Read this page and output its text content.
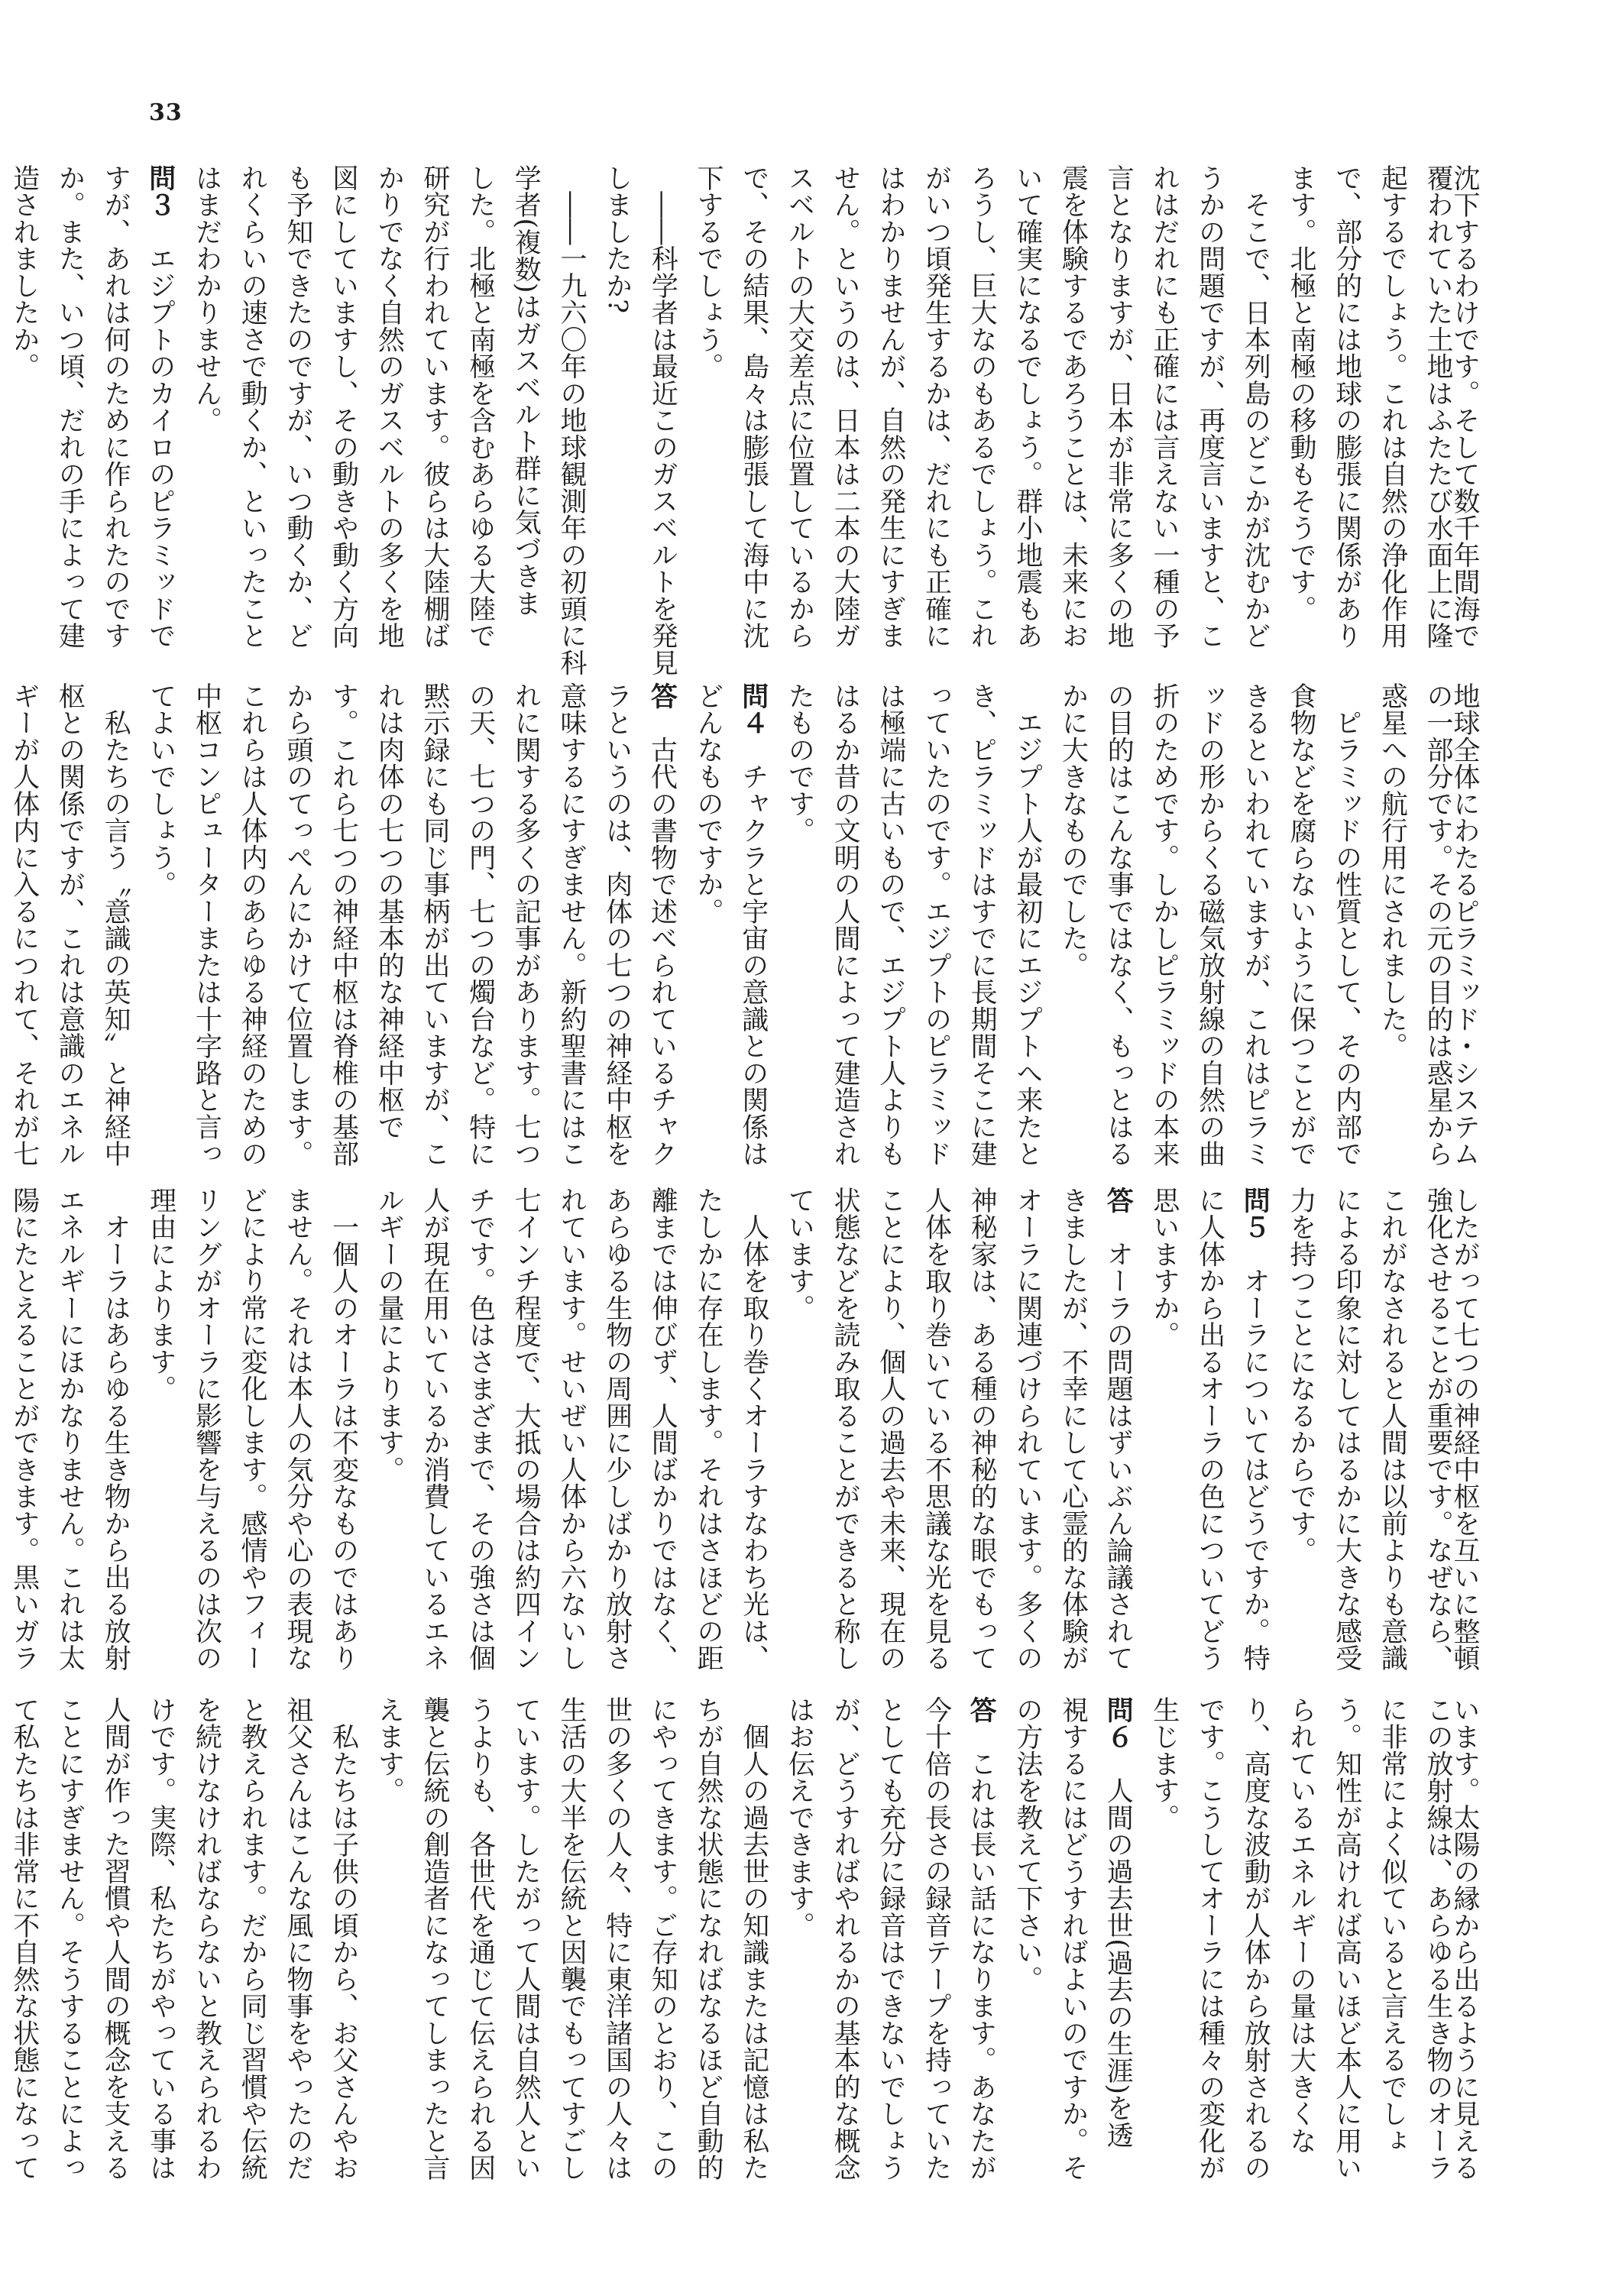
33
沈下するわけです。そして数千年間海で
覆われていた土地はふたたび水面上に隆
起するでしょう。これは自然の浄化作用
で、部分的には地球の膨張に関係があり
ます。北極と南極の移動もそうです。
　そこで、日本列島のどこかが沈むかど
うかの問題ですが、再度言いますと、こ
れはだれにも正確には言えない一種の予
言となりますが、日本が非常に多くの地
震を体験するであろうことは、未来にお
いて確実になるでしょう。群小地震もあ
ろうし、巨大なのもあるでしょう。これ
がいつ頃発生するかは、だれにも正確に
はわかりませんが、自然の発生にすぎま
せん。というのは、日本は二本の大陸ガ
スベルトの大交差点に位置しているから
で、その結果、島々は膨張して海中に沈
下するでしょう。
　――科学者は最近このガスベルトを発見
しましたか?
　――一九六〇年の地球観測年の初頭に科
学者(複数)はガスベルト群に気づきま
した。北極と南極を含むあらゆる大陸で
研究が行われています。彼らは大陸棚ば
かりでなく自然のガスベルトの多くを地
図にしていますし、その動きや動く方向
も予知できたのですが、いつ動くか、ど
れくらいの速さで動くか、といったこと
はまだわかりません。
問３　エジプトのカイロのピラミッドで
すが、あれは何のために作られたのです
か。また、いつ頃、だれの手によって建
造されましたか。
地球全体にわたるピラミッド・システム
の一部分です。その元の目的は惑星から
惑星への航行用にされました。
　ピラミッドの性質として、その内部で
食物などを腐らないように保つことがで
きるといわれていますが、これはピラミ
ッドの形からくる磁気放射線の自然の曲
折のためです。しかしピラミッドの本来
の目的はこんな事ではなく、もっとはる
かに大きなものでした。
　エジプト人が最初にエジプトへ来たと
き、ピラミッドはすでに長期間そこに建
っていたのです。エジプトのピラミッド
は極端に古いもので、エジプト人よりも
はるか昔の文明の人間によって建造され
たものです。
問４　チャクラと宇宙の意識との関係は
どんなものですか。
答　古代の書物で述べられているチャク
ラというのは、肉体の七つの神経中枢を
意味するにすぎません。新約聖書にはこ
れに関する多くの記事があります。七つ
の天、七つの門、七つの燭台など。特に
黙示録にも同じ事柄が出ていますが、こ
れは肉体の七つの基本的な神経中枢で
す。これら七つの神経中枢は脊椎の基部
から頭のてっぺんにかけて位置します。
これらは人体内のあらゆる神経のための
中枢コンピューターまたは十字路と言っ
てよいでしょう。
　私たちの言う〝意識の英知〟と神経中
枢との関係ですが、これは意識のエネル
ギーが人体内に入るにつれて、それが七
したがって七つの神経中枢を互いに整頓
強化させることが重要です。なぜなら、
これがなされると人間は以前よりも意識
による印象に対してはるかに大きな感受
力を持つことになるからです。
問５　オーラについてはどうですか。特
に人体から出るオーラの色についてどう
思いますか。
答　オーラの問題はずいぶん論議されて
きましたが、不幸にして心霊的な体験が
オーラに関連づけられています。多くの
神秘家は、ある種の神秘的な眼でもって
人体を取り巻いている不思議な光を見る
ことにより、個人の過去や未来、現在の
状態などを読み取ることができると称し
ています。
　人体を取り巻くオーラすなわち光は、
たしかに存在します。それはさほどの距
離までは伸びず、人間ばかりではなく、
あらゆる生物の周囲に少しばかり放射さ
れています。せいぜい人体から六ないし
七インチ程度で、大抵の場合は約四イン
チです。色はさまざまで、その強さは個
人が現在用いているか消費しているエネ
ルギーの量によります。
　一個人のオーラは不変なものではあり
ません。それは本人の気分や心の表現な
どにより常に変化します。感情やフィー
リングがオーラに影響を与えるのは次の
理由によります。
　オーラはあらゆる生き物から出る放射
エネルギーにほかなりません。これは太
陽にたとえることができます。黒いガラ
います。太陽の縁から出るように見える
この放射線は、あらゆる生き物のオーラ
に非常によく似ていると言えるでしょ
う。知性が高ければ高いほど本人に用い
られているエネルギーの量は大きくな
り、高度な波動が人体から放射されるの
です。こうしてオーラには種々の変化が
生じます。
問６　人間の過去世(過去の生涯)を透
視するにはどうすればよいのですか。そ
の方法を教えて下さい。
答　これは長い話になります。あなたが
今十倍の長さの録音テープを持っていた
としても充分に録音はできないでしょう
が、どうすればやれるかの基本的な概念
はお伝えできます。
　個人の過去世の知識または記憶は私た
ちが自然な状態になればなるほど自動的
にやってきます。ご存知のとおり、この
世の多くの人々、特に東洋諸国の人々は
生活の大半を伝統と因襲でもってすごし
ています。したがって人間は自然人とい
うよりも、各世代を通じて伝えられる因
襲と伝統の創造者になってしまったと言
えます。
　私たちは子供の頃から、お父さんやお
祖父さんはこんな風に物事をやったのだ
と教えられます。だから同じ習慣や伝統
を続けなければならないと教えられるわ
けです。実際、私たちがやっている事は
人間が作った習慣や人間の概念を支える
ことにすぎません。そうすることによっ
て私たちは非常に不自然な状態になって
